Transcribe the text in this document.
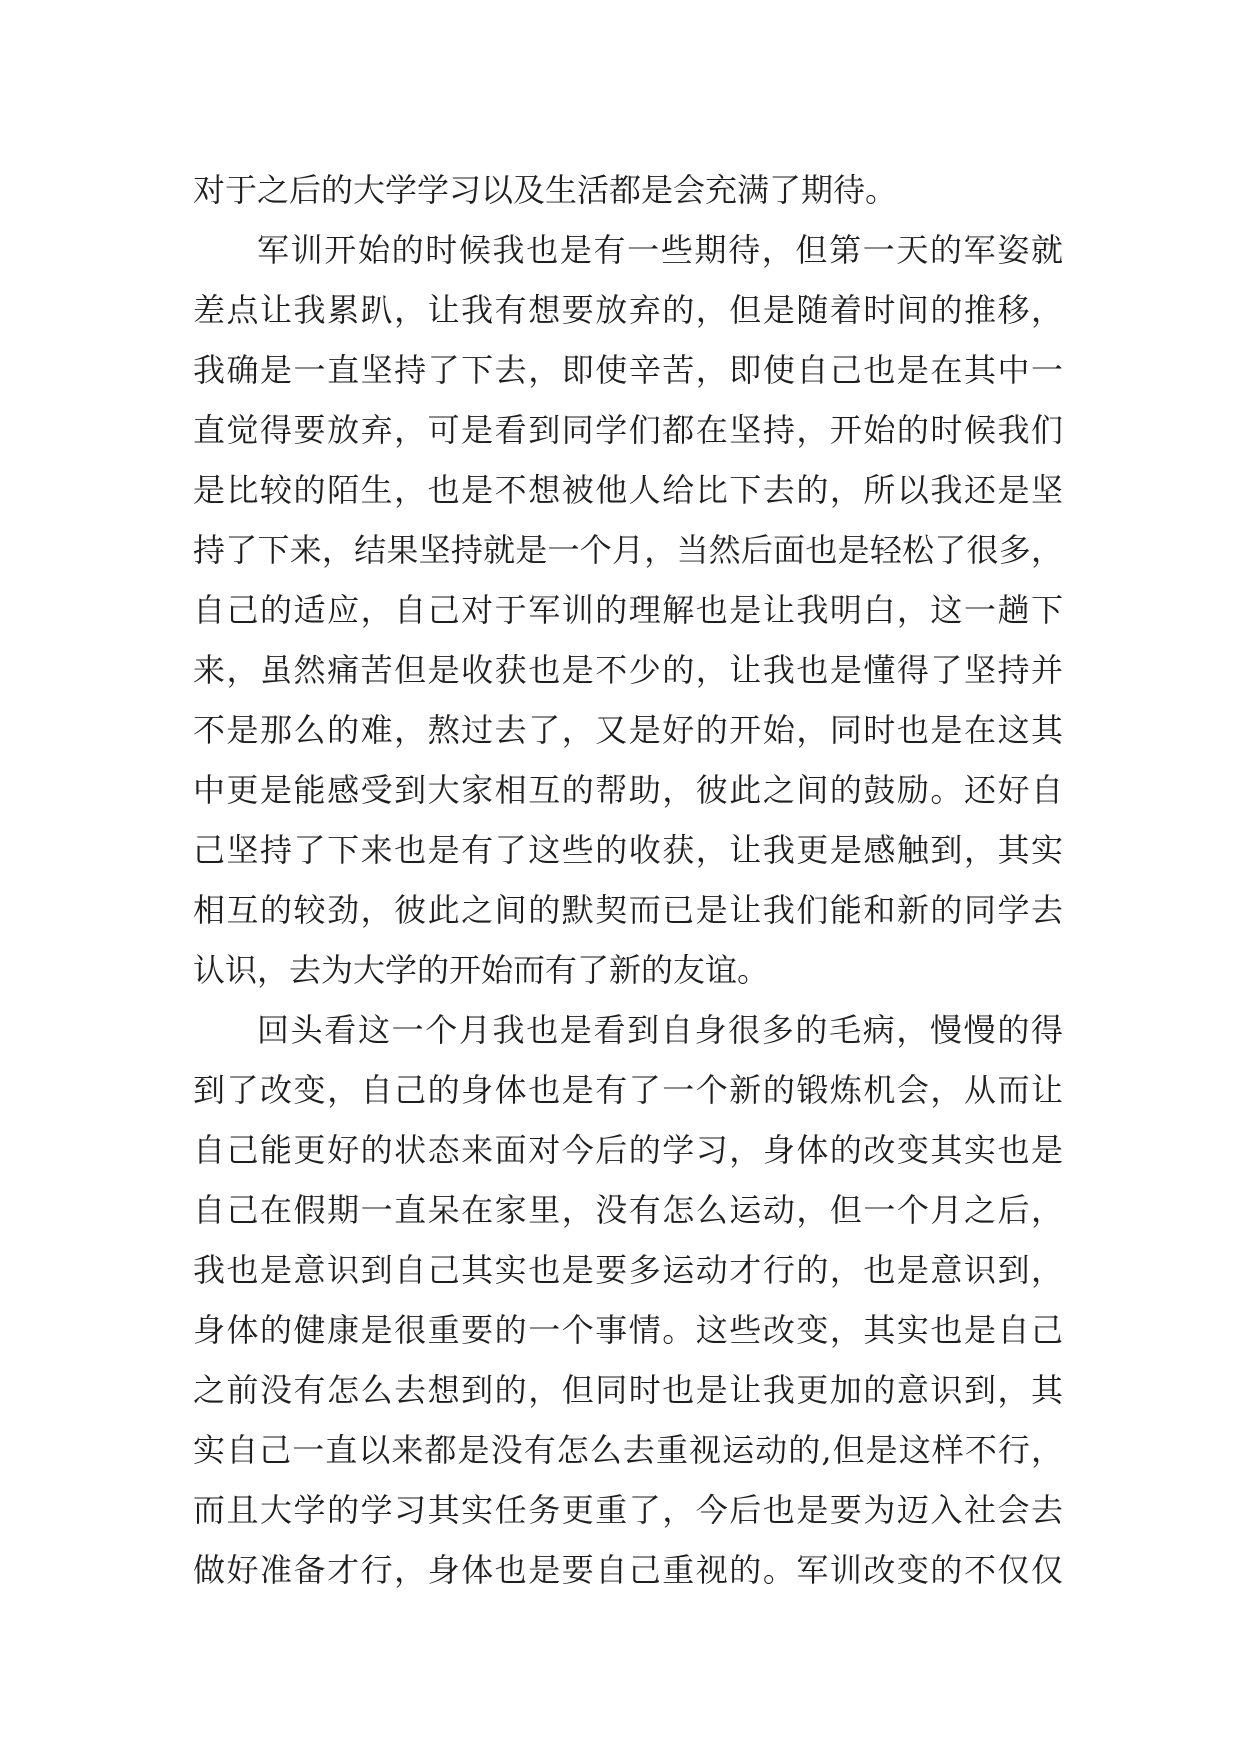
对于之后的大学学习以及生活都是会充满了期待。
军训开始的时候我也是有一些期待，但第一天的军姿就
差点让我累趴，让我有想要放弃的，但是随着时间的推移，
我确是一直坚持了下去，即使辛苦，即使自己也是在其中一
直觉得要放弃，可是看到同学们都在坚持，开始的时候我们
是比较的陌生，也是不想被他人给比下去的，所以我还是坚
持了下来，结果坚持就是一个月，当然后面也是轻松了很多，
自己的适应，自己对于军训的理解也是让我明白，这一趟下
来，虽然痛苦但是收获也是不少的，让我也是懂得了坚持并
不是那么的难，熬过去了，又是好的开始，同时也是在这其
中更是能感受到大家相互的帮助，彼此之间的鼓励。还好自
己坚持了下来也是有了这些的收获，让我更是感触到，其实
相互的较劲，彼此之间的默契而已是让我们能和新的同学去
认识，去为大学的开始而有了新的友谊。
回头看这一个月我也是看到自身很多的毛病，慢慢的得
到了改变，自己的身体也是有了一个新的锻炼机会，从而让
自己能更好的状态来面对今后的学习，身体的改变其实也是
自己在假期一直呆在家里，没有怎么运动，但一个月之后，
我也是意识到自己其实也是要多运动才行的，也是意识到，
身体的健康是很重要的一个事情。这些改变，其实也是自己
之前没有怎么去想到的，但同时也是让我更加的意识到，其
实自己一直以来都是没有怎么去重视运动的,但是这样不行，
而且大学的学习其实任务更重了，今后也是要为迈入社会去
做好准备才行，身体也是要自己重视的。军训改变的不仅仅
